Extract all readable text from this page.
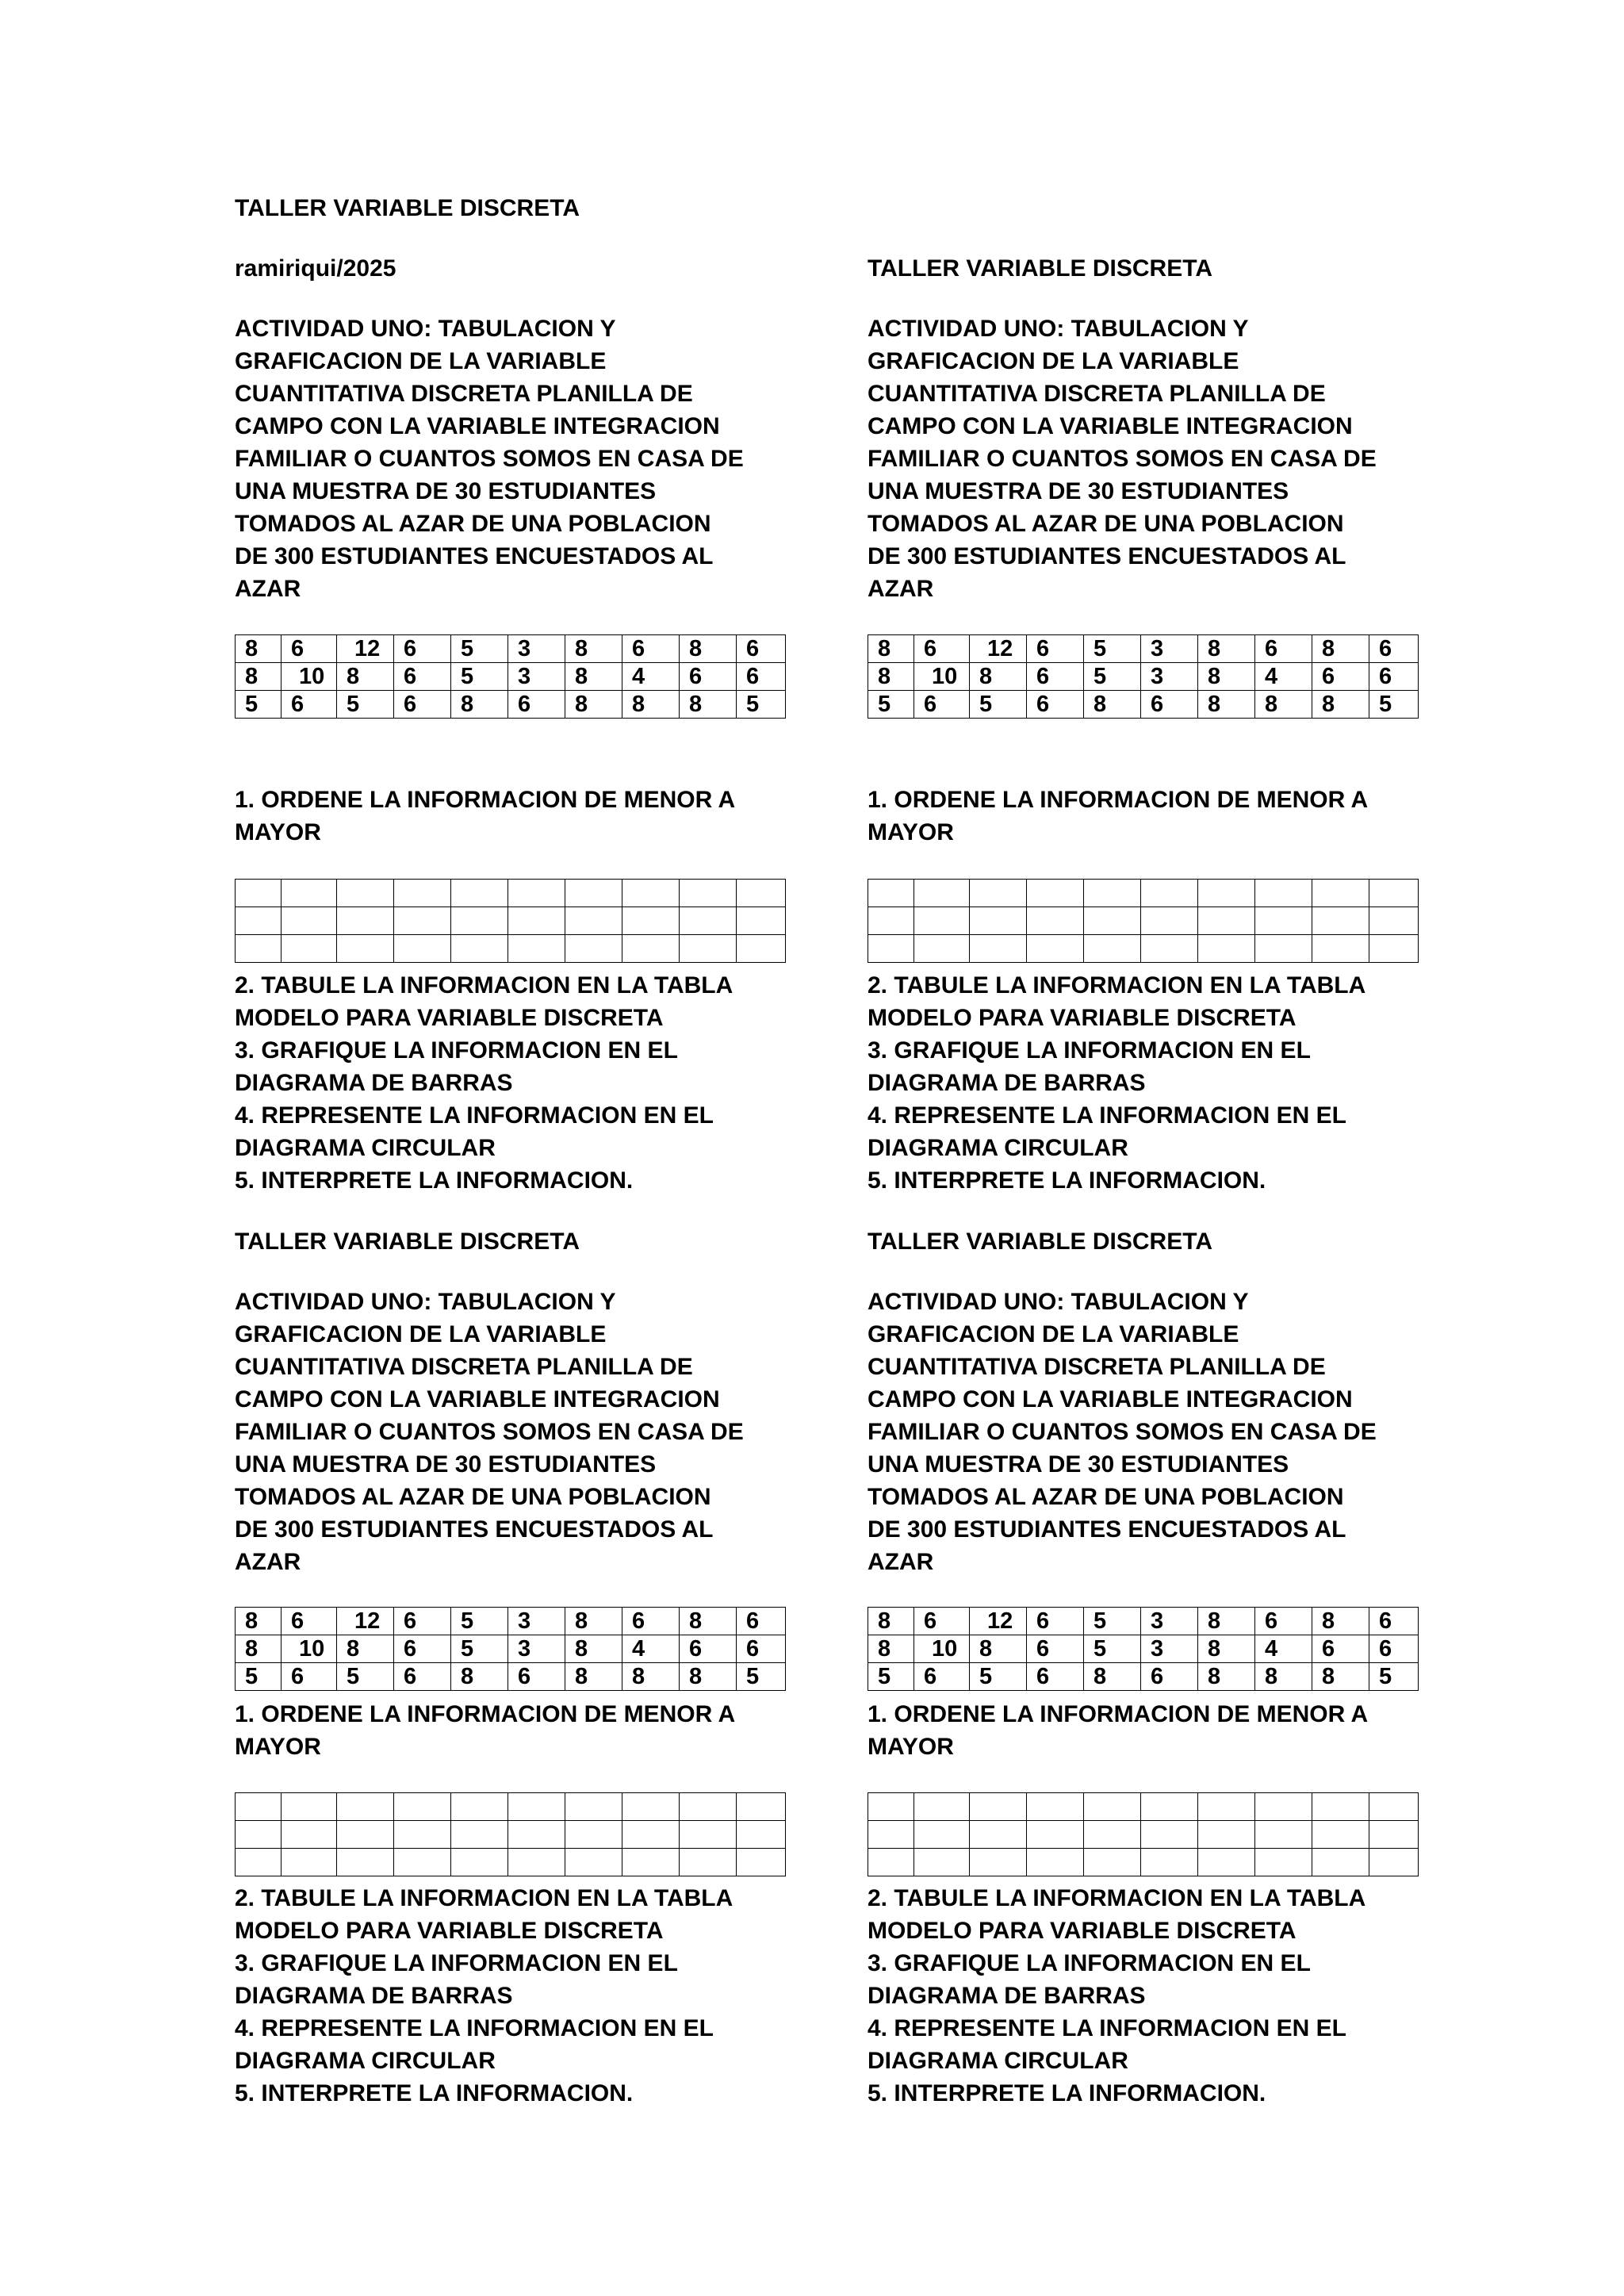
TALLER VARIABLE DISCRETA
ramiriqui/2025
ACTIVIDAD UNO: TABULACION Y
GRAFICACION DE LA VARIABLE
CUANTITATIVA DISCRETA PLANILLA DE
CAMPO CON LA VARIABLE INTEGRACION
FAMILIAR O CUANTOS SOMOS EN CASA DE
UNA MUESTRA DE 30 ESTUDIANTES
TOMADOS AL AZAR DE UNA POBLACION
DE 300 ESTUDIANTES ENCUESTADOS AL
AZAR
8	6	12	6	5	3	8	6	8	6
8	10	8	6	5	3	8	4	6	6
5	6	5	6	8	6	8	8	8	5
1. ORDENE LA INFORMACION DE MENOR A
MAYOR

2. TABULE LA INFORMACION EN LA TABLA
MODELO PARA VARIABLE DISCRETA
3. GRAFIQUE LA INFORMACION EN EL
DIAGRAMA DE BARRAS
4. REPRESENTE LA INFORMACION EN EL
DIAGRAMA CIRCULAR
5. INTERPRETE LA INFORMACION.
TALLER VARIABLE DISCRETA
ACTIVIDAD UNO: TABULACION Y
GRAFICACION DE LA VARIABLE
CUANTITATIVA DISCRETA PLANILLA DE
CAMPO CON LA VARIABLE INTEGRACION
FAMILIAR O CUANTOS SOMOS EN CASA DE
UNA MUESTRA DE 30 ESTUDIANTES
TOMADOS AL AZAR DE UNA POBLACION
DE 300 ESTUDIANTES ENCUESTADOS AL
AZAR
8	6	12	6	5	3	8	6	8	6
8	10	8	6	5	3	8	4	6	6
5	6	5	6	8	6	8	8	8	5
1. ORDENE LA INFORMACION DE MENOR A
MAYOR

2. TABULE LA INFORMACION EN LA TABLA
MODELO PARA VARIABLE DISCRETA
3. GRAFIQUE LA INFORMACION EN EL
DIAGRAMA DE BARRAS
4. REPRESENTE LA INFORMACION EN EL
DIAGRAMA CIRCULAR
5. INTERPRETE LA INFORMACION.
TALLER VARIABLE DISCRETA
ACTIVIDAD UNO: TABULACION Y
GRAFICACION DE LA VARIABLE
CUANTITATIVA DISCRETA PLANILLA DE
CAMPO CON LA VARIABLE INTEGRACION
FAMILIAR O CUANTOS SOMOS EN CASA DE
UNA MUESTRA DE 30 ESTUDIANTES
TOMADOS AL AZAR DE UNA POBLACION
DE 300 ESTUDIANTES ENCUESTADOS AL
AZAR
8	6	12	6	5	3	8	6	8	6
8	10	8	6	5	3	8	4	6	6
5	6	5	6	8	6	8	8	8	5
1. ORDENE LA INFORMACION DE MENOR A
MAYOR

2. TABULE LA INFORMACION EN LA TABLA
MODELO PARA VARIABLE DISCRETA
3. GRAFIQUE LA INFORMACION EN EL
DIAGRAMA DE BARRAS
4. REPRESENTE LA INFORMACION EN EL
DIAGRAMA CIRCULAR
5. INTERPRETE LA INFORMACION.
TALLER VARIABLE DISCRETA
ACTIVIDAD UNO: TABULACION Y
GRAFICACION DE LA VARIABLE
CUANTITATIVA DISCRETA PLANILLA DE
CAMPO CON LA VARIABLE INTEGRACION
FAMILIAR O CUANTOS SOMOS EN CASA DE
UNA MUESTRA DE 30 ESTUDIANTES
TOMADOS AL AZAR DE UNA POBLACION
DE 300 ESTUDIANTES ENCUESTADOS AL
AZAR
8	6	12	6	5	3	8	6	8	6
8	10	8	6	5	3	8	4	6	6
5	6	5	6	8	6	8	8	8	5
1. ORDENE LA INFORMACION DE MENOR A
MAYOR

2. TABULE LA INFORMACION EN LA TABLA
MODELO PARA VARIABLE DISCRETA
3. GRAFIQUE LA INFORMACION EN EL
DIAGRAMA DE BARRAS
4. REPRESENTE LA INFORMACION EN EL
DIAGRAMA CIRCULAR
5. INTERPRETE LA INFORMACION.
